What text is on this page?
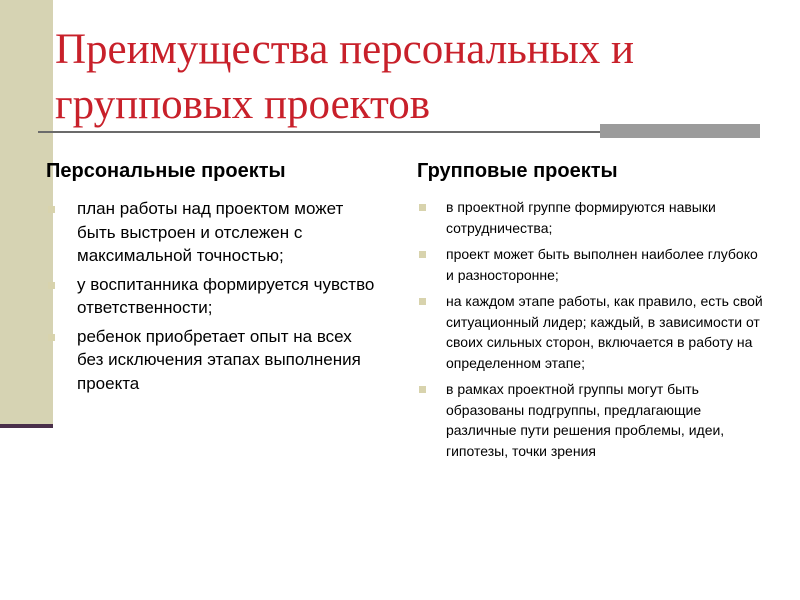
Преимущества персональных и групповых проектов
Персональные проекты
план работы над проектом может быть выстроен и отслежен с максимальной точностью;
у воспитанника формируется чувство ответственности;
ребенок приобретает опыт на всех без исключения этапах выполнения проекта
Групповые проекты
в проектной группе формируются навыки сотрудничества;
проект может быть выполнен наиболее глубоко и разносторонне;
на каждом этапе работы, как правило, есть свой ситуационный лидер; каждый, в зависимости от своих сильных сторон, включается в работу на определенном этапе;
в рамках проектной группы могут быть образованы подгруппы, предлагающие различные пути решения проблемы, идеи, гипотезы, точки зрения
